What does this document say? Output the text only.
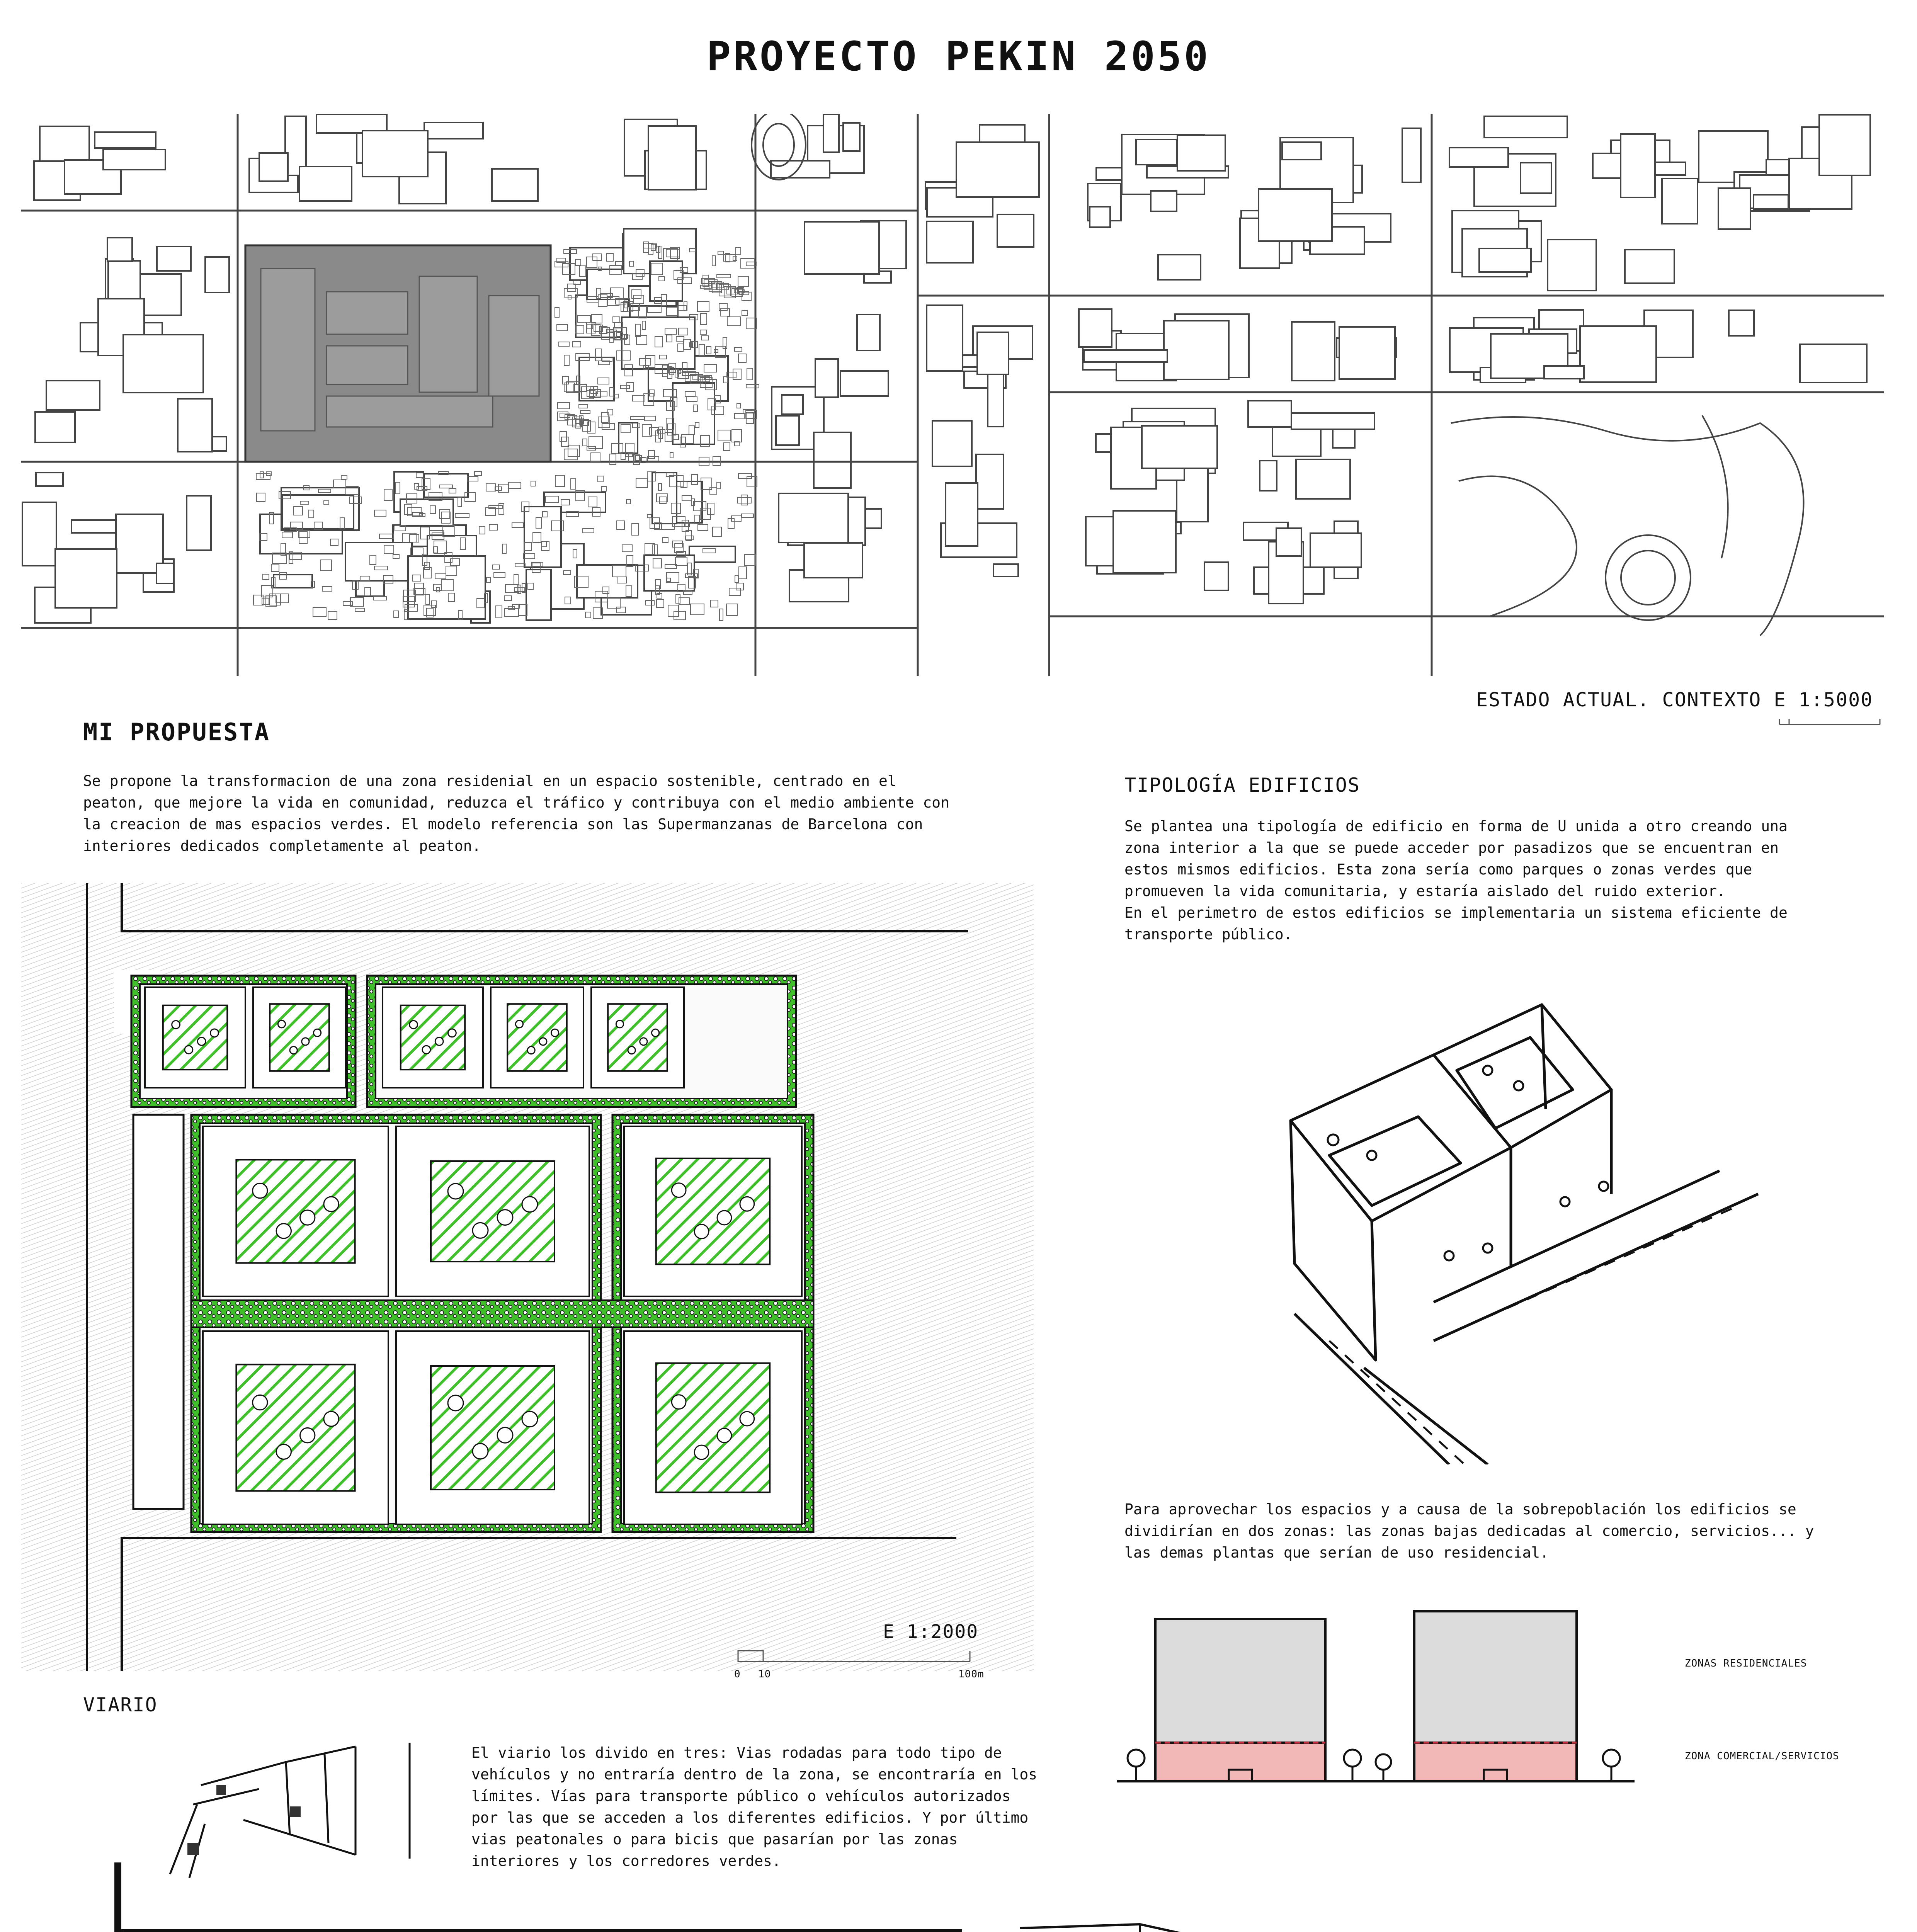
PROYECTO PEKIN 2050
ESTADO ACTUAL. CONTEXTO E 1:5000
MI PROPUESTA
Se propone la transformacion de una zona residenial en un espacio sostenible, centrado en el peaton, que mejore la vida en comunidad, reduzca el tráfico y contribuya con el medio ambiente con la creacion de mas espacios verdes. El modelo referencia son las Supermanzanas de Barcelona con interiores dedicados completamente al peaton.
E 1:2000
0 10	100m
VIARIO
El viario los divido en tres: Vias rodadas para todo tipo de vehículos y no entraría dentro de la zona, se encontraría en los límites. Vías para transporte público o vehículos autorizados por las que se acceden a los diferentes edificios. Y por último vias peatonales o para bicis que pasarían por las zonas interiores y los corredores verdes.
TIPOLOGÍA EDIFICIOS
Se plantea una tipología de edificio en forma de U unida a otro creando una zona interior a la que se puede acceder por pasadizos que se encuentran en estos mismos edificios. Esta zona sería como parques o zonas verdes que promueven la vida comunitaria, y estaría aislado del ruido exterior.
En el perimetro de estos edificios se implementaria un sistema eficiente de transporte público.
Para aprovechar los espacios y a causa de la sobrepoblación los edificios se dividirían en dos zonas: las zonas bajas dedicadas al comercio, servicios... y las demas plantas que serían de uso residencial.
ZONAS RESIDENCIALES
ZONA COMERCIAL/SERVICIOS
